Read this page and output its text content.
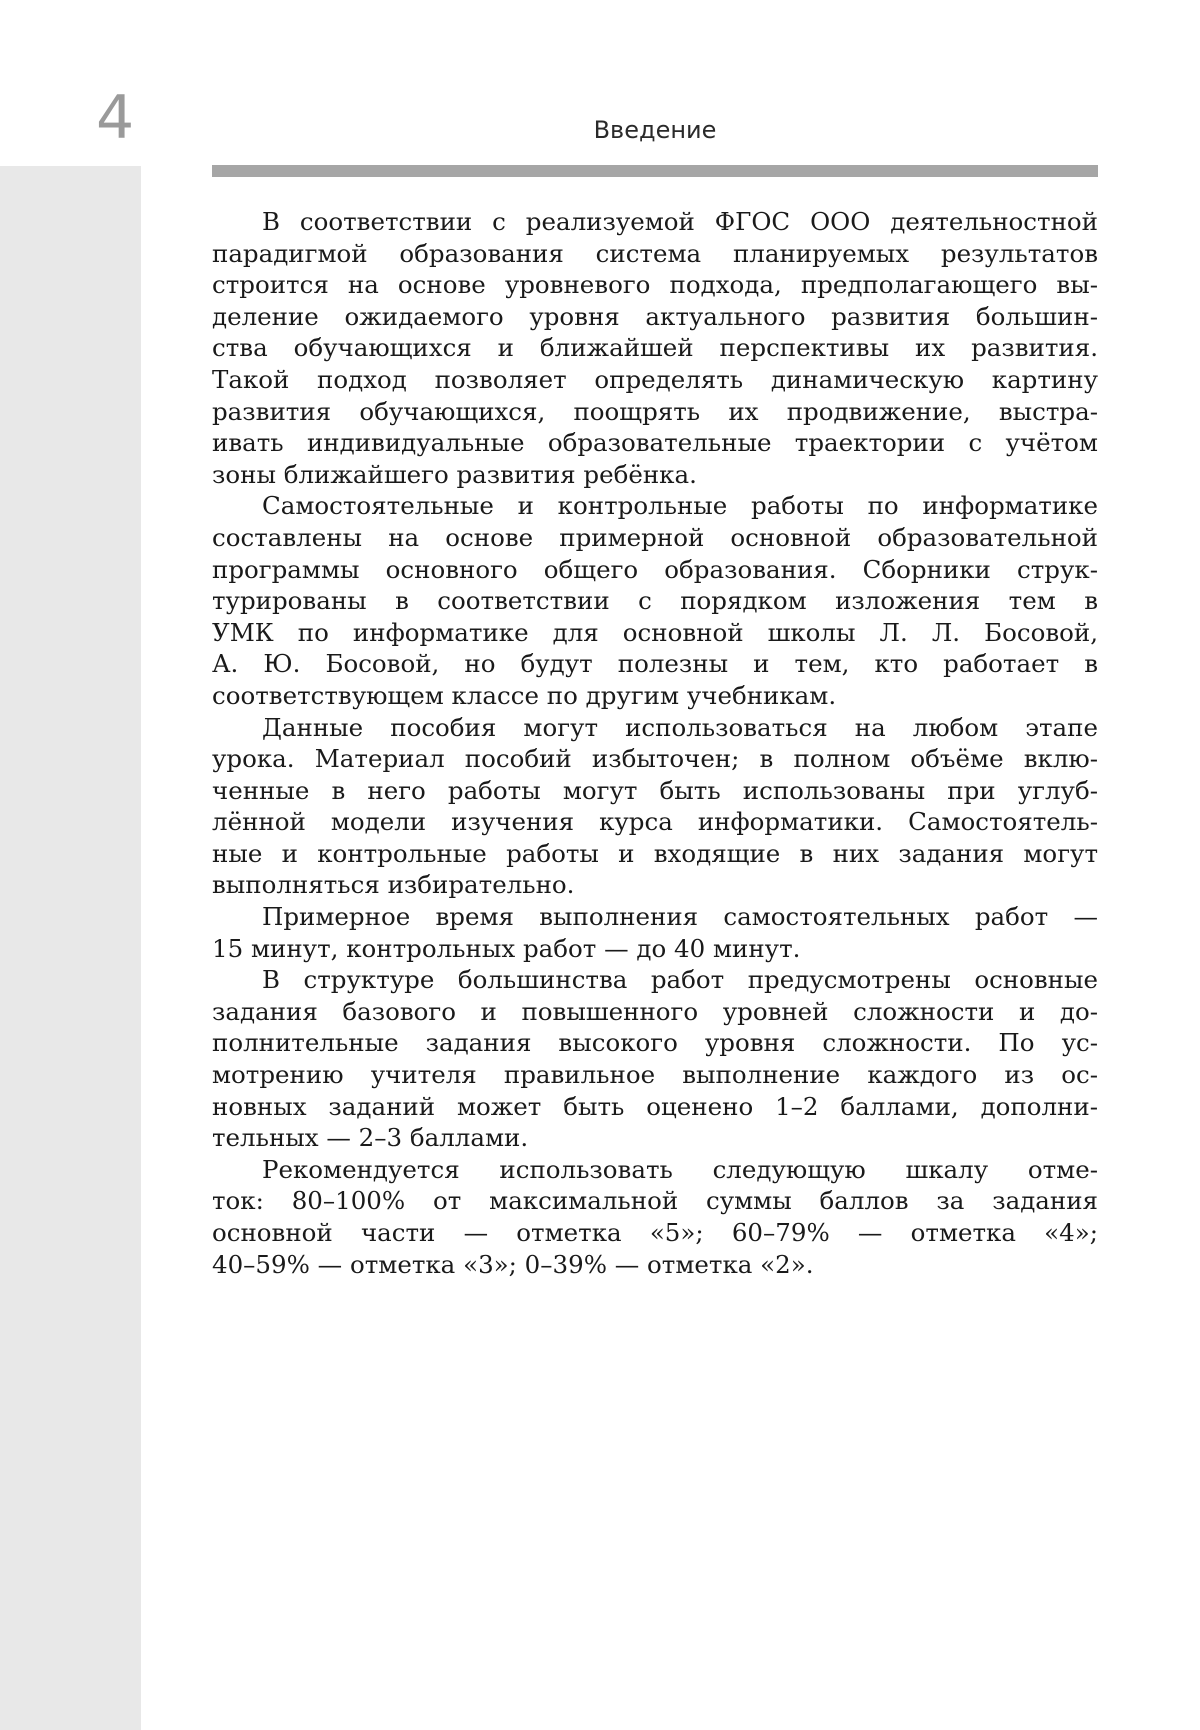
4	Введение
В соответствии с реализуемой ФГОС ООО деятельностной
парадигмой образования система планируемых результатов
строится на основе уровневого подхода, предполагающего вы-
деление ожидаемого уровня актуального развития большин-
ства обучающихся и ближайшей перспективы их развития.
Такой подход позволяет определять динамическую картину
развития обучающихся, поощрять их продвижение, выстра-
ивать индивидуальные образовательные траектории с учётом
зоны ближайшего развития ребёнка.
Самостоятельные и контрольные работы по информатике
составлены на основе примерной основной образовательной
программы основного общего образования. Сборники струк-
турированы в соответствии с порядком изложения тем в
УМК по информатике для основной школы Л. Л. Босовой,
А. Ю. Босовой, но будут полезны и тем, кто работает в
соответствующем классе по другим учебникам.
Данные пособия могут использоваться на любом этапе
урока. Материал пособий избыточен; в полном объёме вклю-
ченные в него работы могут быть использованы при углуб-
лённой модели изучения курса информатики. Самостоятель-
ные и контрольные работы и входящие в них задания могут
выполняться избирательно.
Примерное время выполнения самостоятельных работ —
15 минут, контрольных работ — до 40 минут.
В структуре большинства работ предусмотрены основные
задания базового и повышенного уровней сложности и до-
полнительные задания высокого уровня сложности. По ус-
мотрению учителя правильное выполнение каждого из ос-
новных заданий может быть оценено 1–2 баллами, дополни-
тельных — 2–3 баллами.
Рекомендуется использовать следующую шкалу отме-
ток: 80–100% от максимальной суммы баллов за задания
основной части — отметка «5»; 60–79% — отметка «4»;
40–59% — отметка «3»; 0–39% — отметка «2».
